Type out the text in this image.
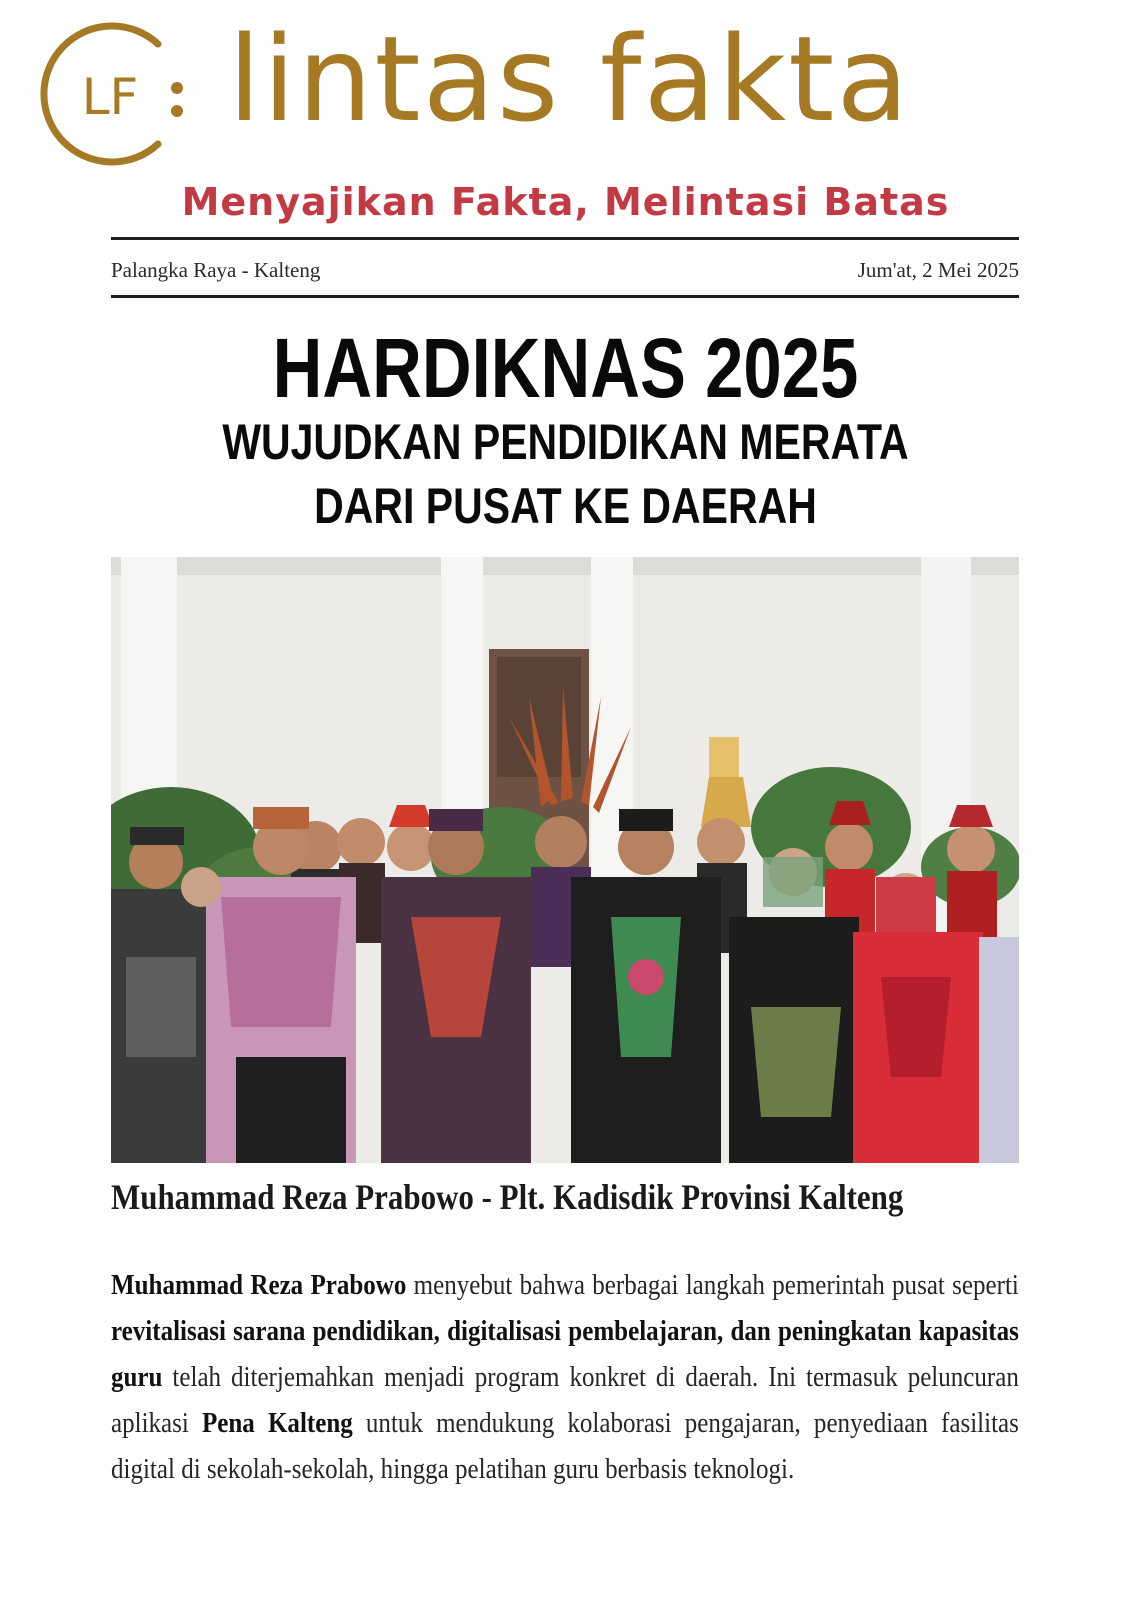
LF lintas fakta
Menyajikan Fakta, Melintasi Batas
Palangka Raya - Kalteng	Jum'at, 2 Mei 2025
HARDIKNAS 2025
WUJUDKAN PENDIDIKAN MERATA
DARI PUSAT KE DAERAH
Muhammad Reza Prabowo - Plt. Kadisdik Provinsi Kalteng
Muhammad Reza Prabowo menyebut bahwa berbagai langkah pemerintah pusat seperti revitalisasi sarana pendidikan, digitalisasi pembelajaran, dan peningkatan kapasitas guru telah diterjemahkan menjadi program konkret di daerah. Ini termasuk peluncuran aplikasi Pena Kalteng untuk mendukung kolaborasi pengajaran, penyediaan fasilitas digital di sekolah-sekolah, hingga pelatihan guru berbasis teknologi.
